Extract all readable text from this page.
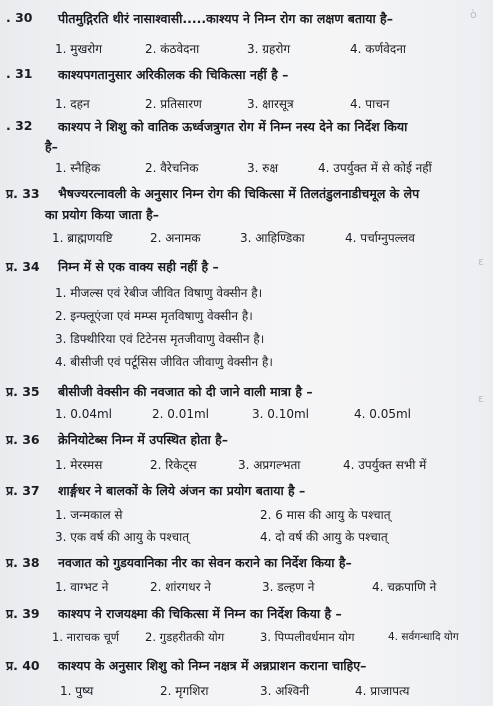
ò
ε
ε
. 30 पीतमुद्गिरति थीरं नासाश्वासी.....काश्यप ने निम्न रोग का लक्षण बताया है–
1. मुखरोग	2. कंठवेदना	3. ग्रहरोग	4. कर्णवेदना
. 31 काश्यपगतानुसार अरिकीलक की चिकित्सा नहीं है –
1. दहन	2. प्रतिसारण	3. क्षारसूत्र	4. पाचन
. 32 काश्यप ने शिशु को वातिक ऊर्ध्वजत्रुगत रोग में निम्न नस्य देने का निर्देश किया
है–
1. स्नैहिक	2. वैरेचनिक	3. रुक्ष	4. उपर्युक्त में से कोई नहीं
प्र. 33 भैषज्यरत्नावली के अनुसार निम्न रोग की चिकित्सा में तिलतंडुलनाडीचमूल के लेप
का प्रयोग किया जाता है–
1. ब्राह्मणयष्टि	2. अनामक	3. आहिण्डिका	4. पर्चाग्नुपल्लव
प्र. 34 निम्न में से एक वाक्य सही नहीं है –
1. मीजल्स एवं रेबीज जीवित विषाणु वेक्सीन है।
2. इन्फ्लूएंजा एवं मम्प्स मृतविषाणु वेक्सीन है।
3. डिफ्थीरिया एवं टिटेनस मृतजीवाणु वेक्सीन है।
4. बीसीजी एवं पर्टूसिस जीवित जीवाणु वेक्सीन है।
प्र. 35 बीसीजी वेक्सीन की नवजात को दी जाने वाली मात्रा है –
1. 0.04ml	2. 0.01ml	3. 0.10ml	4. 0.05ml
प्र. 36 क्रेनियोटेब्स निम्न में उपस्थित होता है–
1. मेरस्मस	2. रिकेट्स	3. अप्रगल्भता	4. उपर्युक्त सभी में
प्र. 37 शार्ङ्गधर ने बालकों के लिये अंजन का प्रयोग बताया है –
1. जन्मकाल से	2. 6 मास की आयु के पश्चात्
3. एक वर्ष की आयु के पश्चात्	4. दो वर्ष की आयु के पश्चात्
प्र. 38 नवजात को गुडयवानिका नीर का सेवन कराने का निर्देश किया है–
1. वाग्भट ने	2. शांरगधर ने	3. डल्हण ने	4. चक्रपाणि ने
प्र. 39 काश्यप ने राजयक्ष्मा की चिकित्सा में निम्न का निर्देश किया है –
1. नाराचक चूर्ण 2. गुडहरीतकी योग	3. पिप्पलीवर्धमान योग	4. सर्वगन्धादि योग
प्र. 40 काश्यप के अनुसार शिशु को निम्न नक्षत्र में अन्नप्राशन कराना चाहिए–
1. पुष्य	2. मृगशिरा	3. अश्विनी	4. प्राजापत्य
